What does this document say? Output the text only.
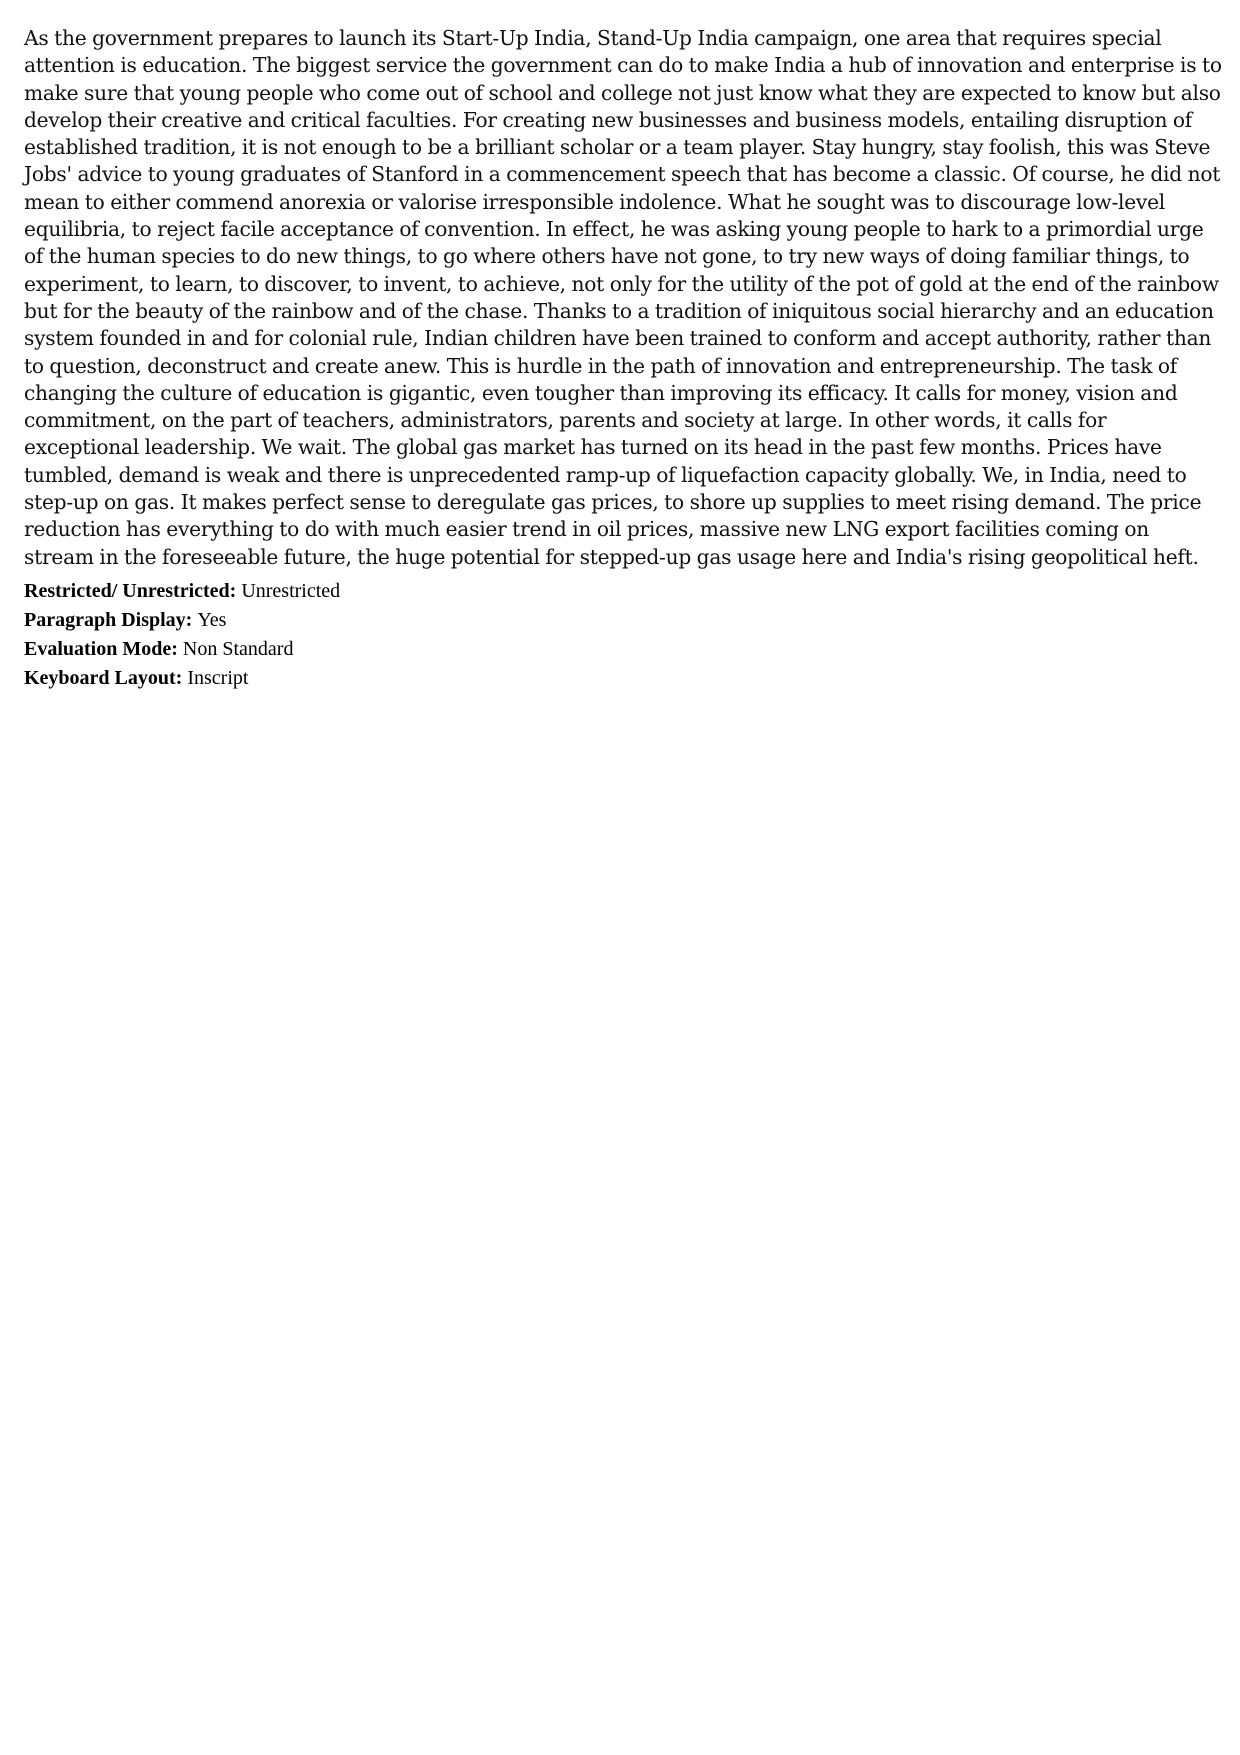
As the government prepares to launch its Start-Up India, Stand-Up India campaign, one area that requires special attention is education. The biggest service the government can do to make India a hub of innovation and enterprise is to make sure that young people who come out of school and college not just know what they are expected to know but also develop their creative and critical faculties. For creating new businesses and business models, entailing disruption of established tradition, it is not enough to be a brilliant scholar or a team player. Stay hungry, stay foolish, this was Steve Jobs' advice to young graduates of Stanford in a commencement speech that has become a classic. Of course, he did not mean to either commend anorexia or valorise irresponsible indolence. What he sought was to discourage low-level equilibria, to reject facile acceptance of convention. In effect, he was asking young people to hark to a primordial urge of the human species to do new things, to go where others have not gone, to try new ways of doing familiar things, to experiment, to learn, to discover, to invent, to achieve, not only for the utility of the pot of gold at the end of the rainbow but for the beauty of the rainbow and of the chase. Thanks to a tradition of iniquitous social hierarchy and an education system founded in and for colonial rule, Indian children have been trained to conform and accept authority, rather than to question, deconstruct and create anew. This is hurdle in the path of innovation and entrepreneurship. The task of changing the culture of education is gigantic, even tougher than improving its efficacy. It calls for money, vision and commitment, on the part of teachers, administrators, parents and society at large. In other words, it calls for exceptional leadership. We wait. The global gas market has turned on its head in the past few months. Prices have tumbled, demand is weak and there is unprecedented ramp-up of liquefaction capacity globally. We, in India, need to step-up on gas. It makes perfect sense to deregulate gas prices, to shore up supplies to meet rising demand. The price reduction has everything to do with much easier trend in oil prices, massive new LNG export facilities coming on stream in the foreseeable future, the huge potential for stepped-up gas usage here and India's rising geopolitical heft.

Restricted/ Unrestricted: Unrestricted
Paragraph Display: Yes
Evaluation Mode: Non Standard
Keyboard Layout: Inscript
